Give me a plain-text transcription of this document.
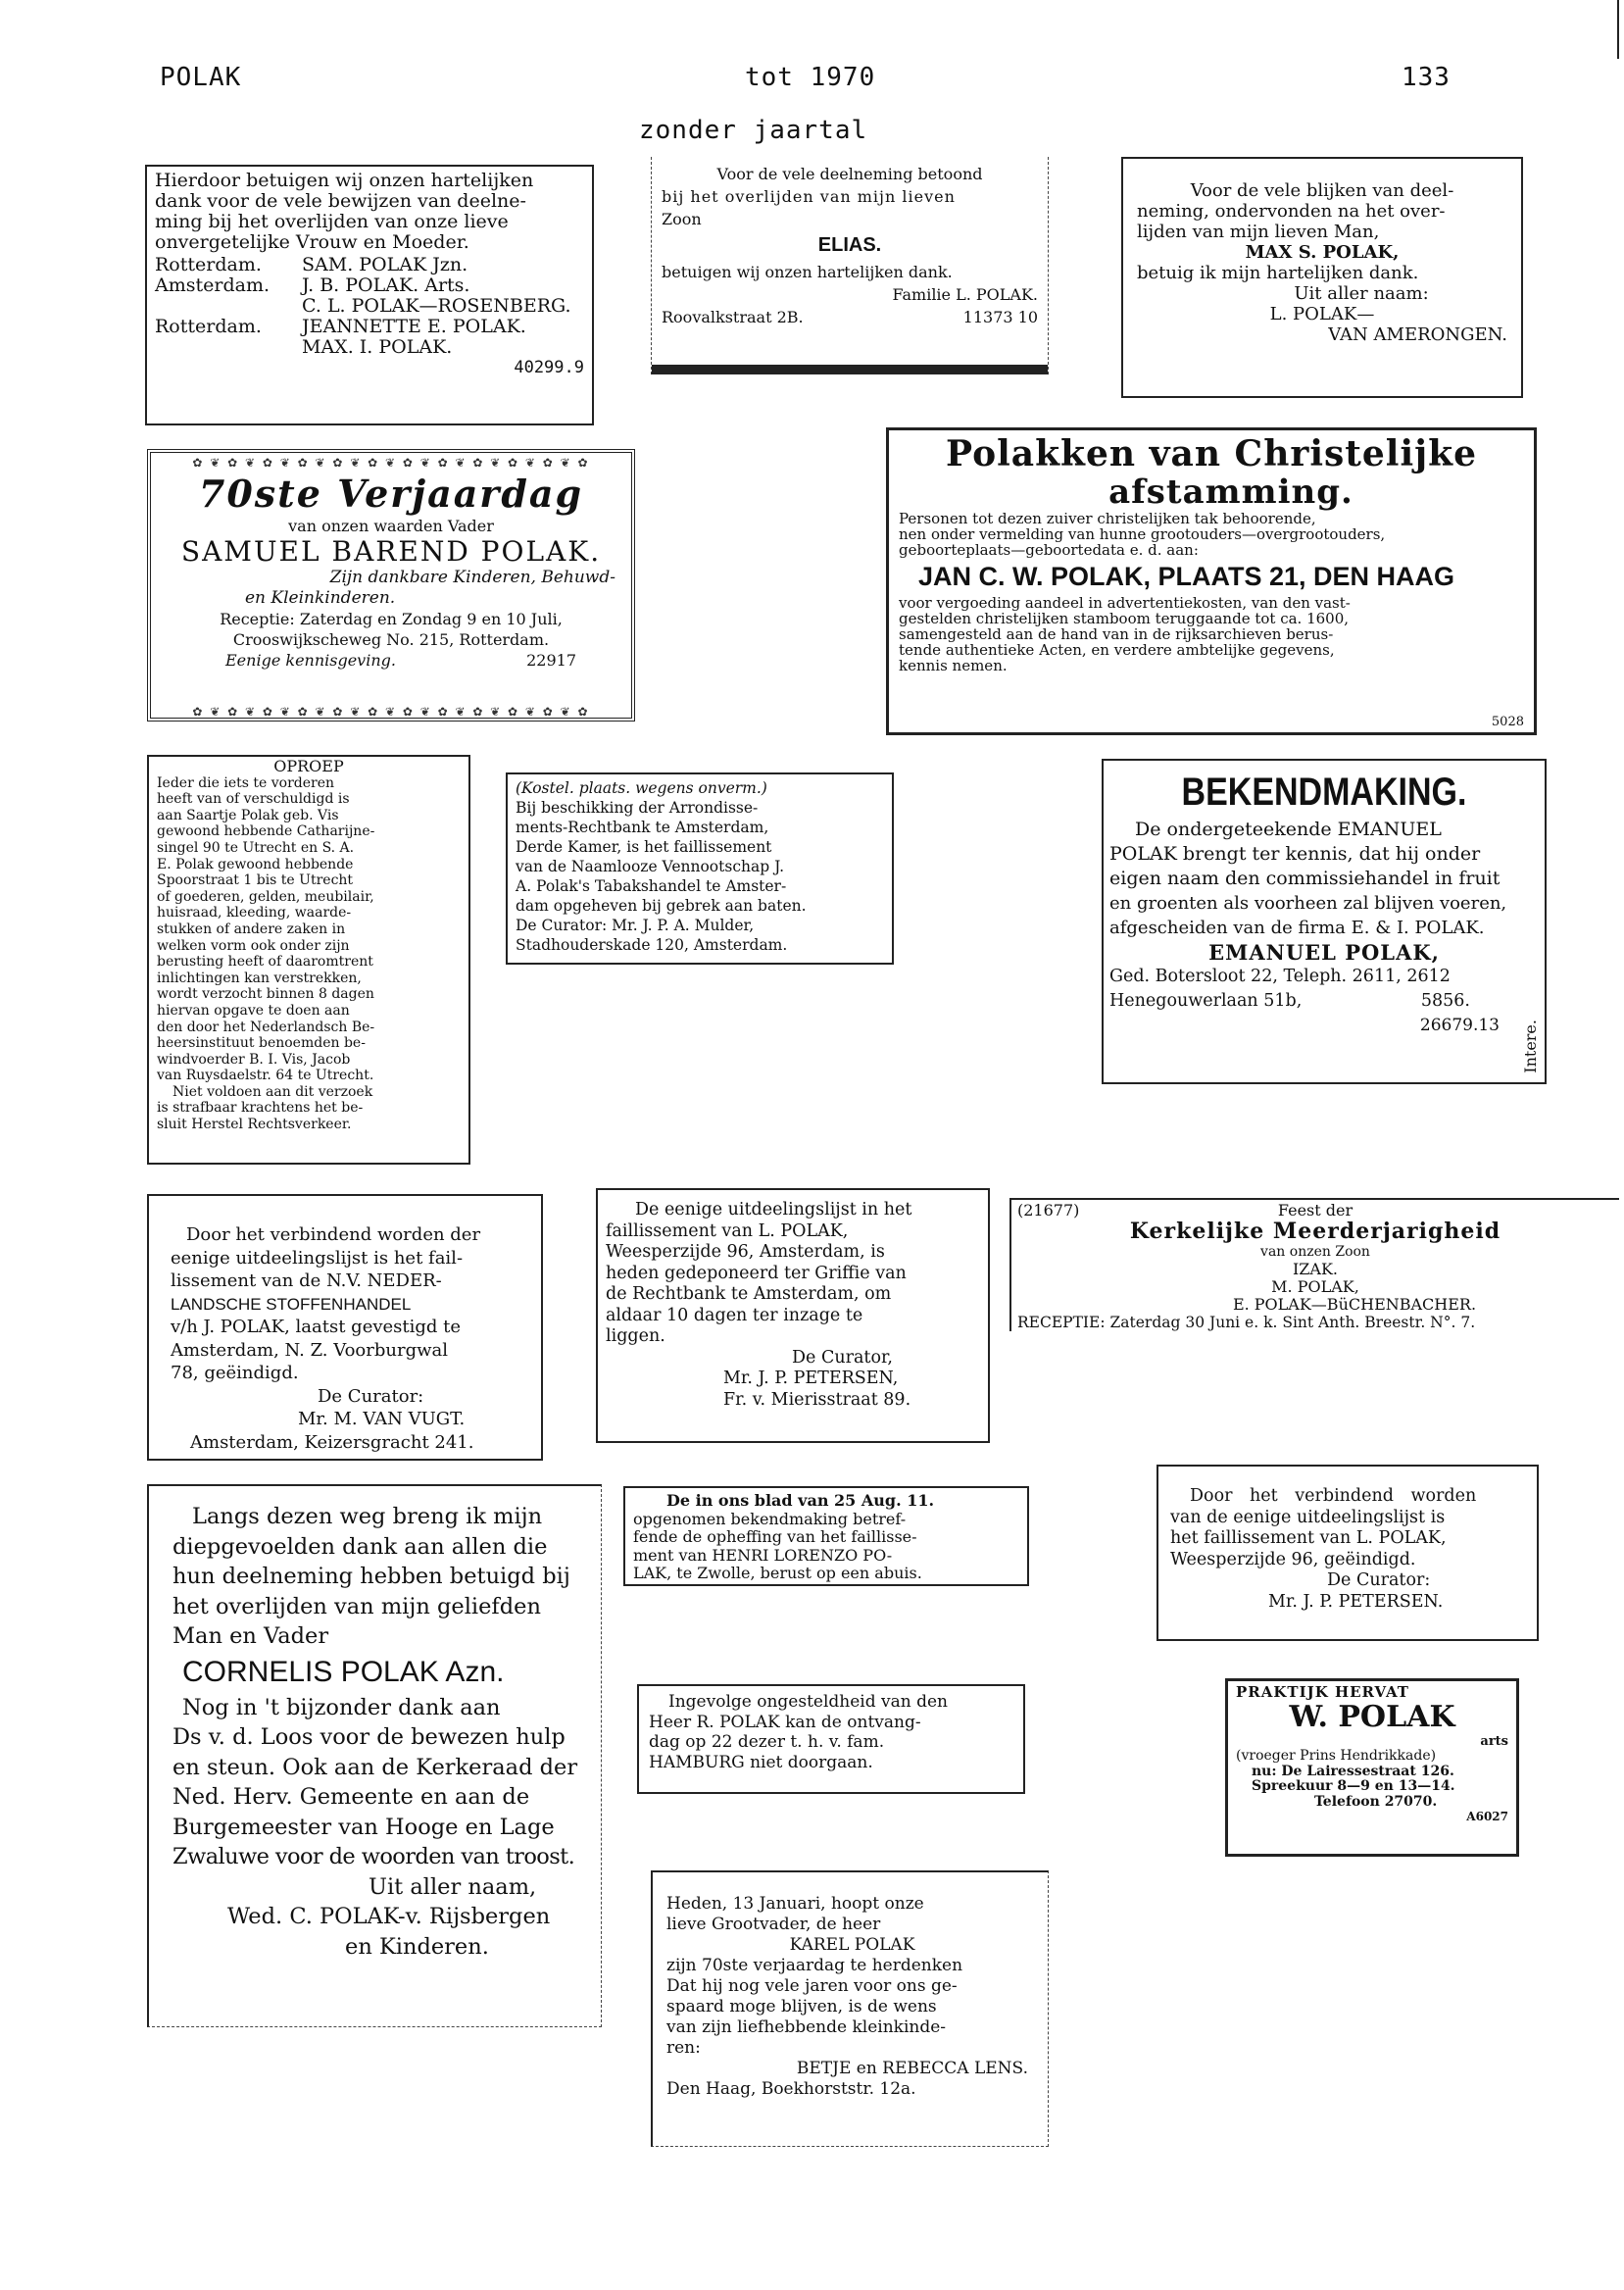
POLAK	tot 1970
zonder jaartal
133
Hierdoor betuigen wij onzen hartelijken
dank voor de vele bewijzen van deelne-
ming bij het overlijden van onze lieve
onvergetelijke Vrouw en Moeder.
Rotterdam.	SAM. POLAK Jzn.
Amsterdam.	J. B. POLAK. Arts.
C. L. POLAK—ROSENBERG.
Rotterdam.	JEANNETTE E. POLAK.
MAX. I. POLAK.
40299.9
Voor de vele deelneming betoond
bij het overlijden van mijn lieven
Zoon
ELIAS.
betuigen wij onzen hartelijken dank.
Familie L. POLAK.
Roovalkstraat 2B.	11373 10
Voor de vele blijken van deel-
neming, ondervonden na het over-
lijden van mijn lieven Man,
MAX S. POLAK,
betuig ik mijn hartelijken dank.
Uit aller naam:
L. POLAK—
VAN AMERONGEN.
✿ ❦ ✿ ❦ ✿ ❦ ✿ ❦ ✿ ❦ ✿ ❦ ✿ ❦ ✿ ❦ ✿ ❦ ✿ ❦ ✿ ❦ ✿
70ste Verjaardag
van onzen waarden Vader
SAMUEL BAREND POLAK.
Zijn dankbare Kinderen, Behuwd-
en Kleinkinderen.
Receptie: Zaterdag en Zondag 9 en 10 Juli,
Crooswijkscheweg No. 215, Rotterdam.
Eenige kennisgeving.	22917
✿ ❦ ✿ ❦ ✿ ❦ ✿ ❦ ✿ ❦ ✿ ❦ ✿ ❦ ✿ ❦ ✿ ❦ ✿ ❦ ✿ ❦ ✿
Polakken van Christelijke
afstamming.
Personen tot dezen zuiver christelijken tak behoorende,
nen onder vermelding van hunne grootouders—overgrootouders,
geboorteplaats—geboortedata e. d. aan:
JAN C. W. POLAK, PLAATS 21, DEN HAAG
voor vergoeding aandeel in advertentiekosten, van den vast-
gestelden christelijken stamboom teruggaande tot ca. 1600,
samengesteld aan de hand van in de rijksarchieven berus-
tende authentieke Acten, en verdere ambtelijke gegevens,
kennis nemen.
5028
OPROEP
Ieder die iets te vorderen
heeft van of verschuldigd is
aan Saartje Polak geb. Vis
gewoond hebbende Catharijne-
singel 90 te Utrecht en S. A.
E. Polak gewoond hebbende
Spoorstraat 1 bis te Utrecht
of goederen, gelden, meubilair,
huisraad, kleeding, waarde-
stukken of andere zaken in
welken vorm ook onder zijn
berusting heeft of daaromtrent
inlichtingen kan verstrekken,
wordt verzocht binnen 8 dagen
hiervan opgave te doen aan
den door het Nederlandsch Be-
heersinstituut benoemden be-
windvoerder B. I. Vis, Jacob
van Ruysdaelstr. 64 te Utrecht.
Niet voldoen aan dit verzoek
is strafbaar krachtens het be-
sluit Herstel Rechtsverkeer.
(Kostel. plaats. wegens onverm.)
Bij beschikking der Arrondisse-
ments-Rechtbank te Amsterdam,
Derde Kamer, is het faillissement
van de Naamlooze Vennootschap J.
A. Polak's Tabakshandel te Amster-
dam opgeheven bij gebrek aan baten.
De Curator: Mr. J. P. A. Mulder,
Stadhouderskade 120, Amsterdam.
BEKENDMAKING.
De ondergeteekende EMANUEL
POLAK brengt ter kennis, dat hij onder
eigen naam den commissiehandel in fruit
en groenten als voorheen zal blijven voeren,
afgescheiden van de firma E. & I. POLAK.
EMANUEL POLAK,
Ged. Botersloot 22, Teleph. 2611, 2612
Henegouwerlaan 51b,	5856.
Intere.
26679.13
Door het verbindend worden der
eenige uitdeelingslijst is het fail-
lissement van de N.V. NEDER-
LANDSCHE STOFFENHANDEL
v/h J. POLAK, laatst gevestigd te
Amsterdam, N. Z. Voorburgwal
78, geëindigd.
De Curator:
Mr. M. VAN VUGT.
Amsterdam, Keizersgracht 241.
De eenige uitdeelingslijst in het
faillissement van L. POLAK,
Weesperzijde 96, Amsterdam, is
heden gedeponeerd ter Griffie van
de Rechtbank te Amsterdam, om
aldaar 10 dagen ter inzage te
liggen.
De Curator,
Mr. J. P. PETERSEN,
Fr. v. Mierisstraat 89.
(21677)	Feest der
Kerkelijke Meerderjarigheid
van onzen Zoon
IZAK.
M. POLAK,
E. POLAK—BüCHENBACHER.
RECEPTIE: Zaterdag 30 Juni e. k. Sint Anth. Breestr. N°. 7.
Langs dezen weg breng ik mijn
diepgevoelden dank aan allen die
hun deelneming hebben betuigd bij
het overlijden van mijn geliefden
Man en Vader
CORNELIS POLAK Azn.
Nog in 't bijzonder dank aan
Ds v. d. Loos voor de bewezen hulp
en steun. Ook aan de Kerkeraad der
Ned. Herv. Gemeente en aan de
Burgemeester van Hooge en Lage
Zwaluwe voor de woorden van troost.
Uit aller naam,
Wed. C. POLAK-v. Rijsbergen
en Kinderen.
De in ons blad van 25 Aug. 11.
opgenomen bekendmaking betref-
fende de opheffing van het faillisse-
ment van HENRI LORENZO PO-
LAK, te Zwolle, berust op een abuis.
Door het verbindend worden
van de eenige uitdeelingslijst is
het faillissement van L. POLAK,
Weesperzijde 96, geëindigd.
De Curator:
Mr. J. P. PETERSEN.
Ingevolge ongesteldheid van den
Heer R. POLAK kan de ontvang-
dag op 22 dezer t. h. v. fam.
HAMBURG niet doorgaan.
PRAKTIJK HERVAT
W. POLAK
arts
(vroeger Prins Hendrikkade)
nu: De Lairessestraat 126.
Spreekuur 8—9 en 13—14.
Telefoon 27070.
A6027
Heden, 13 Januari, hoopt onze
lieve Grootvader, de heer
KAREL POLAK
zijn 70ste verjaardag te herdenken
Dat hij nog vele jaren voor ons ge-
spaard moge blijven, is de wens
van zijn liefhebbende kleinkinde-
ren:
BETJE en REBECCA LENS.
Den Haag, Boekhorststr. 12a.
